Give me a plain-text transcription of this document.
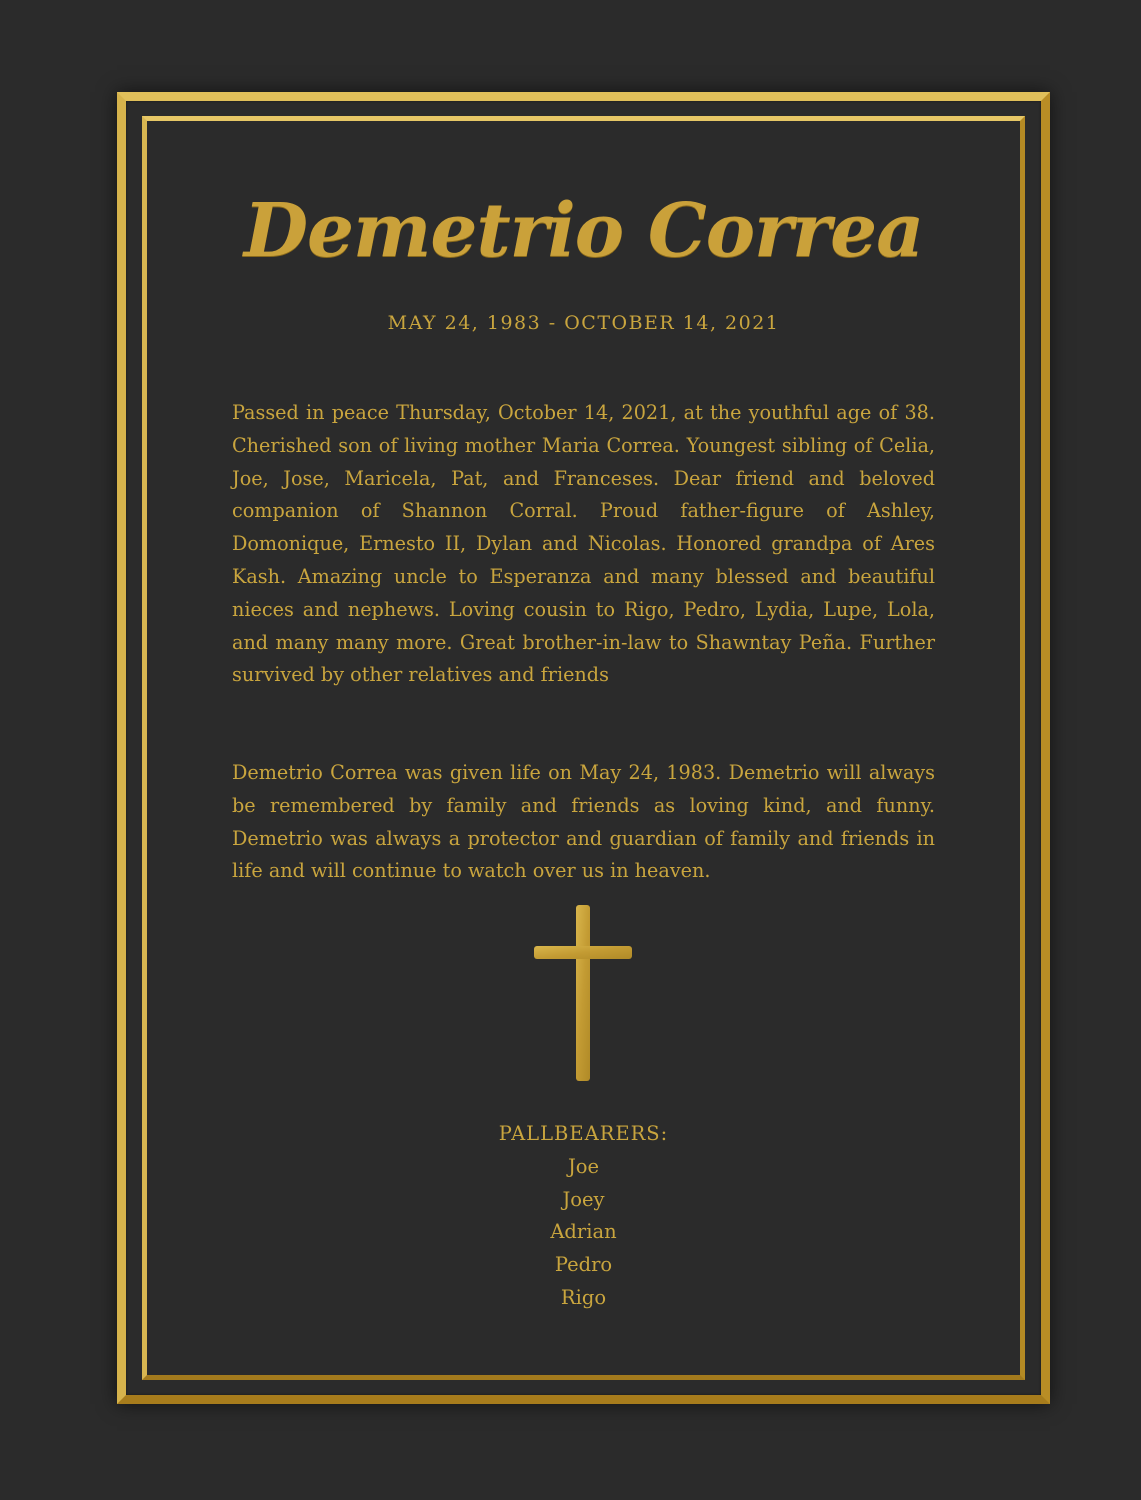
Demetrio Correa
MAY 24, 1983 - OCTOBER 14, 2021

Passed in peace Thursday, October 14, 2021, at the youthful age of 38. Cherished son of living mother Maria Correa. Youngest sibling of Celia, Joe, Jose, Maricela, Pat, and Franceses. Dear friend and beloved companion of Shannon Corral. Proud father-figure of Ashley, Domonique, Ernesto II, Dylan and Nicolas. Honored grandpa of Ares Kash. Amazing uncle to Esperanza and many blessed and beautiful nieces and nephews. Loving cousin to Rigo, Pedro, Lydia, Lupe, Lola, and many many more. Great brother-in-law to Shawntay Peña. Further survived by other relatives and friends

Demetrio Correa was given life on May 24, 1983. Demetrio will always be remembered by family and friends as loving kind, and funny. Demetrio was always a protector and guardian of family and friends in life and will continue to watch over us in heaven.

PALLBEARERS:
Joe
Joey
Adrian
Pedro
Rigo
